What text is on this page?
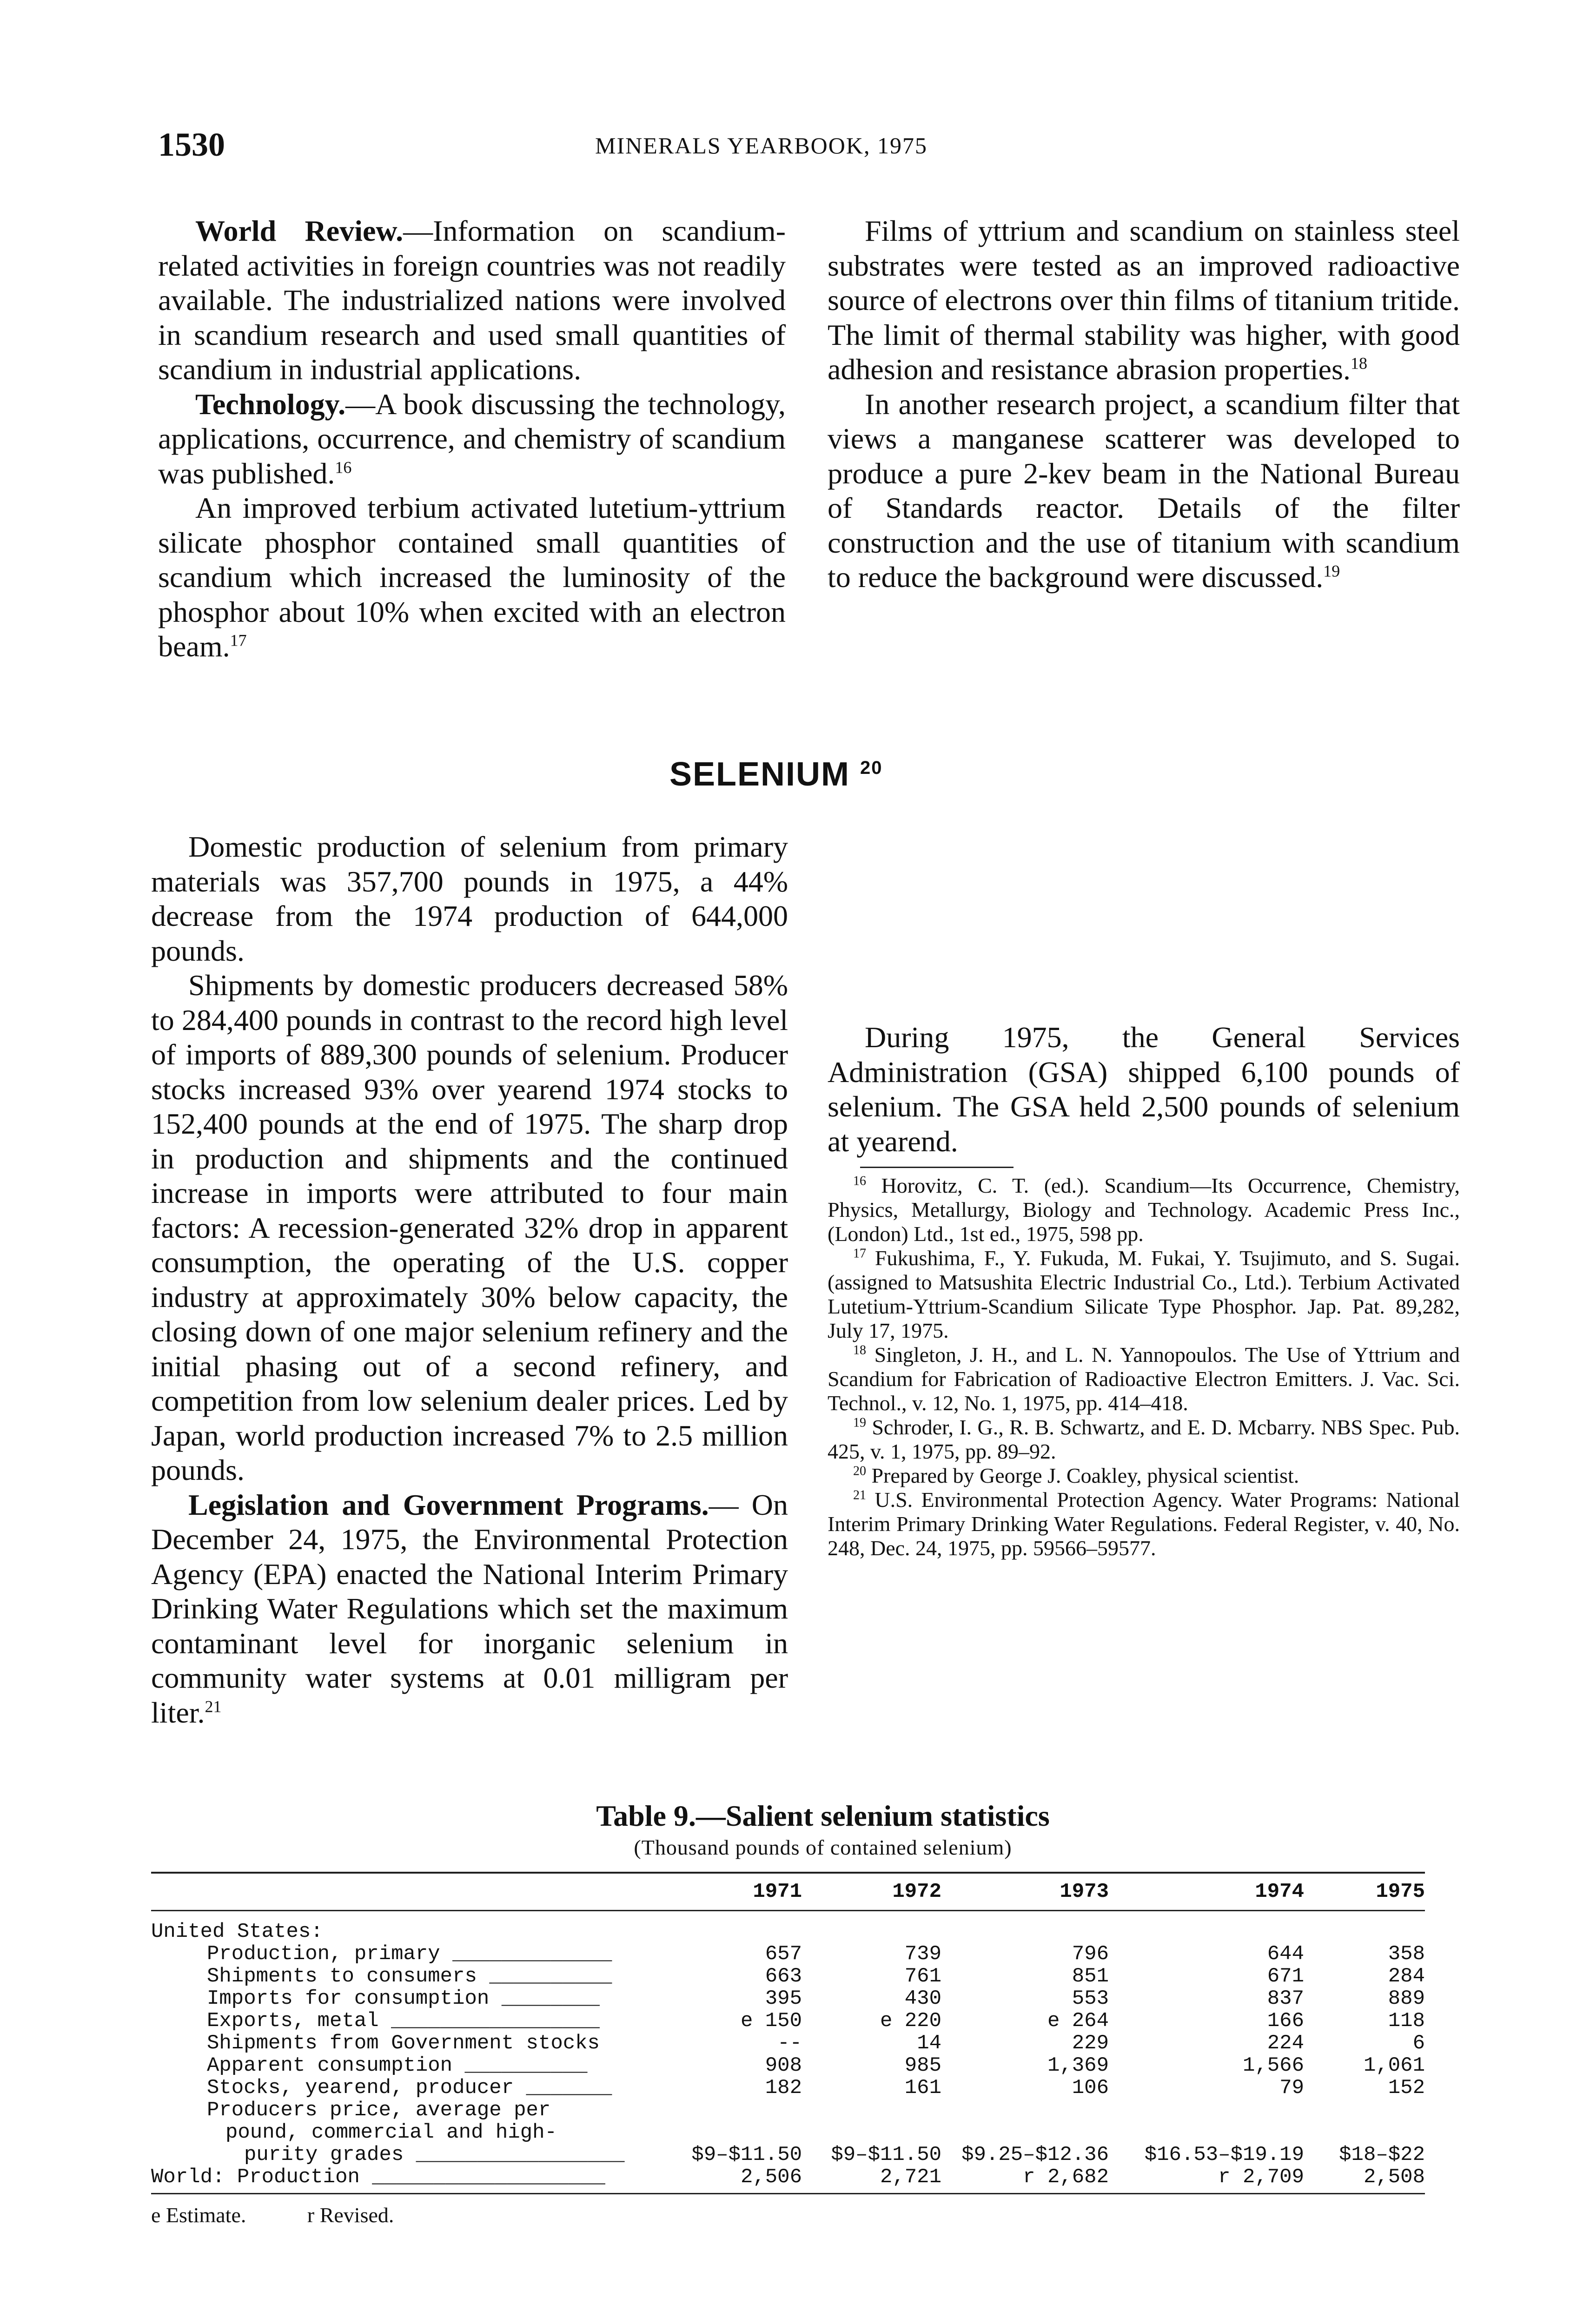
1530	MINERALS YEARBOOK, 1975

World Review.—Information on scandium-related activities in foreign countries was not readily available. The industrialized nations were involved in scandium research and used small quantities of scandium in industrial applications.

Technology.—A book discussing the technology, applications, occurrence, and chemistry of scandium was published.$^{16}$

An improved terbium activated lutetium-yttrium silicate phosphor contained small quantities of scandium which increased the luminosity of the phosphor about 10% when excited with an electron beam.$^{17}$

Films of yttrium and scandium on stainless steel substrates were tested as an improved radioactive source of electrons over thin films of titanium tritide. The limit of thermal stability was higher, with good adhesion and resistance abrasion properties.$^{18}$

In another research project, a scandium filter that views a manganese scatterer was developed to produce a pure 2-kev beam in the National Bureau of Standards reactor. Details of the filter construction and the use of titanium with scandium to reduce the background were discussed.$^{19}$

SELENIUM $^{20}$

Domestic production of selenium from primary materials was 357,700 pounds in 1975, a 44% decrease from the 1974 production of 644,000 pounds.

Shipments by domestic producers decreased 58% to 284,400 pounds in contrast to the record high level of imports of 889,300 pounds of selenium. Producer stocks increased 93% over yearend 1974 stocks to 152,400 pounds at the end of 1975. The sharp drop in production and shipments and the continued increase in imports were attributed to four main factors: A recession-generated 32% drop in apparent consumption, the operating of the U.S. copper industry at approximately 30% below capacity, the closing down of one major selenium refinery and the initial phasing out of a second refinery, and competition from low selenium dealer prices. Led by Japan, world production increased 7% to 2.5 million pounds.

Legislation and Government Programs.— On December 24, 1975, the Environmental Protection Agency (EPA) enacted the National Interim Primary Drinking Water Regulations which set the maximum contaminant level for inorganic selenium in community water systems at 0.01 milligram per liter.$^{21}$

During 1975, the General Services Administration (GSA) shipped 6,100 pounds of selenium. The GSA held 2,500 pounds of selenium at yearend.

$^{16}$ Horovitz, C. T. (ed.). Scandium—Its Occurrence, Chemistry, Physics, Metallurgy, Biology and Technology. Academic Press Inc., (London) Ltd., 1st ed., 1975, 598 pp.

$^{17}$ Fukushima, F., Y. Fukuda, M. Fukai, Y. Tsujimuto, and S. Sugai. (assigned to Matsushita Electric Industrial Co., Ltd.). Terbium Activated Lutetium-Yttrium-Scandium Silicate Type Phosphor. Jap. Pat. 89,282, July 17, 1975.

$^{18}$ Singleton, J. H., and L. N. Yannopoulos. The Use of Yttrium and Scandium for Fabrication of Radioactive Electron Emitters. J. Vac. Sci. Technol., v. 12, No. 1, 1975, pp. 414–418.

$^{19}$ Schroder, I. G., R. B. Schwartz, and E. D. Mcbarry. NBS Spec. Pub. 425, v. 1, 1975, pp. 89–92.

$^{20}$ Prepared by George J. Coakley, physical scientist.

$^{21}$ U.S. Environmental Protection Agency. Water Programs: National Interim Primary Drinking Water Regulations. Federal Register, v. 40, No. 248, Dec. 24, 1975, pp. 59566–59577.

Table 9.—Salient selenium statistics
(Thousand pounds of contained selenium)
	1971	1972	1973	1974	1975

United States:					
Production, primary _____________	657	739	796	644	358
Shipments to consumers __________	663	761	851	671	284
Imports for consumption ________	395	430	553	837	889
Exports, metal _________________	e 150	e 220	e 264	166	118
Shipments from Government stocks	--	14	229	224	6
Apparent consumption __________	908	985	1,369	1,566	1,061
Stocks, yearend, producer _______	182	161	106	79	152
Producers price, average per					
pound, commercial and high-					
purity grades _________________	$9–$11.50	$9–$11.50	$9.25–$12.36	$16.53–$19.19	$18–$22
World: Production ___________________	2,506	2,721	r 2,682	r 2,709	2,508
e Estimate.	r Revised.
